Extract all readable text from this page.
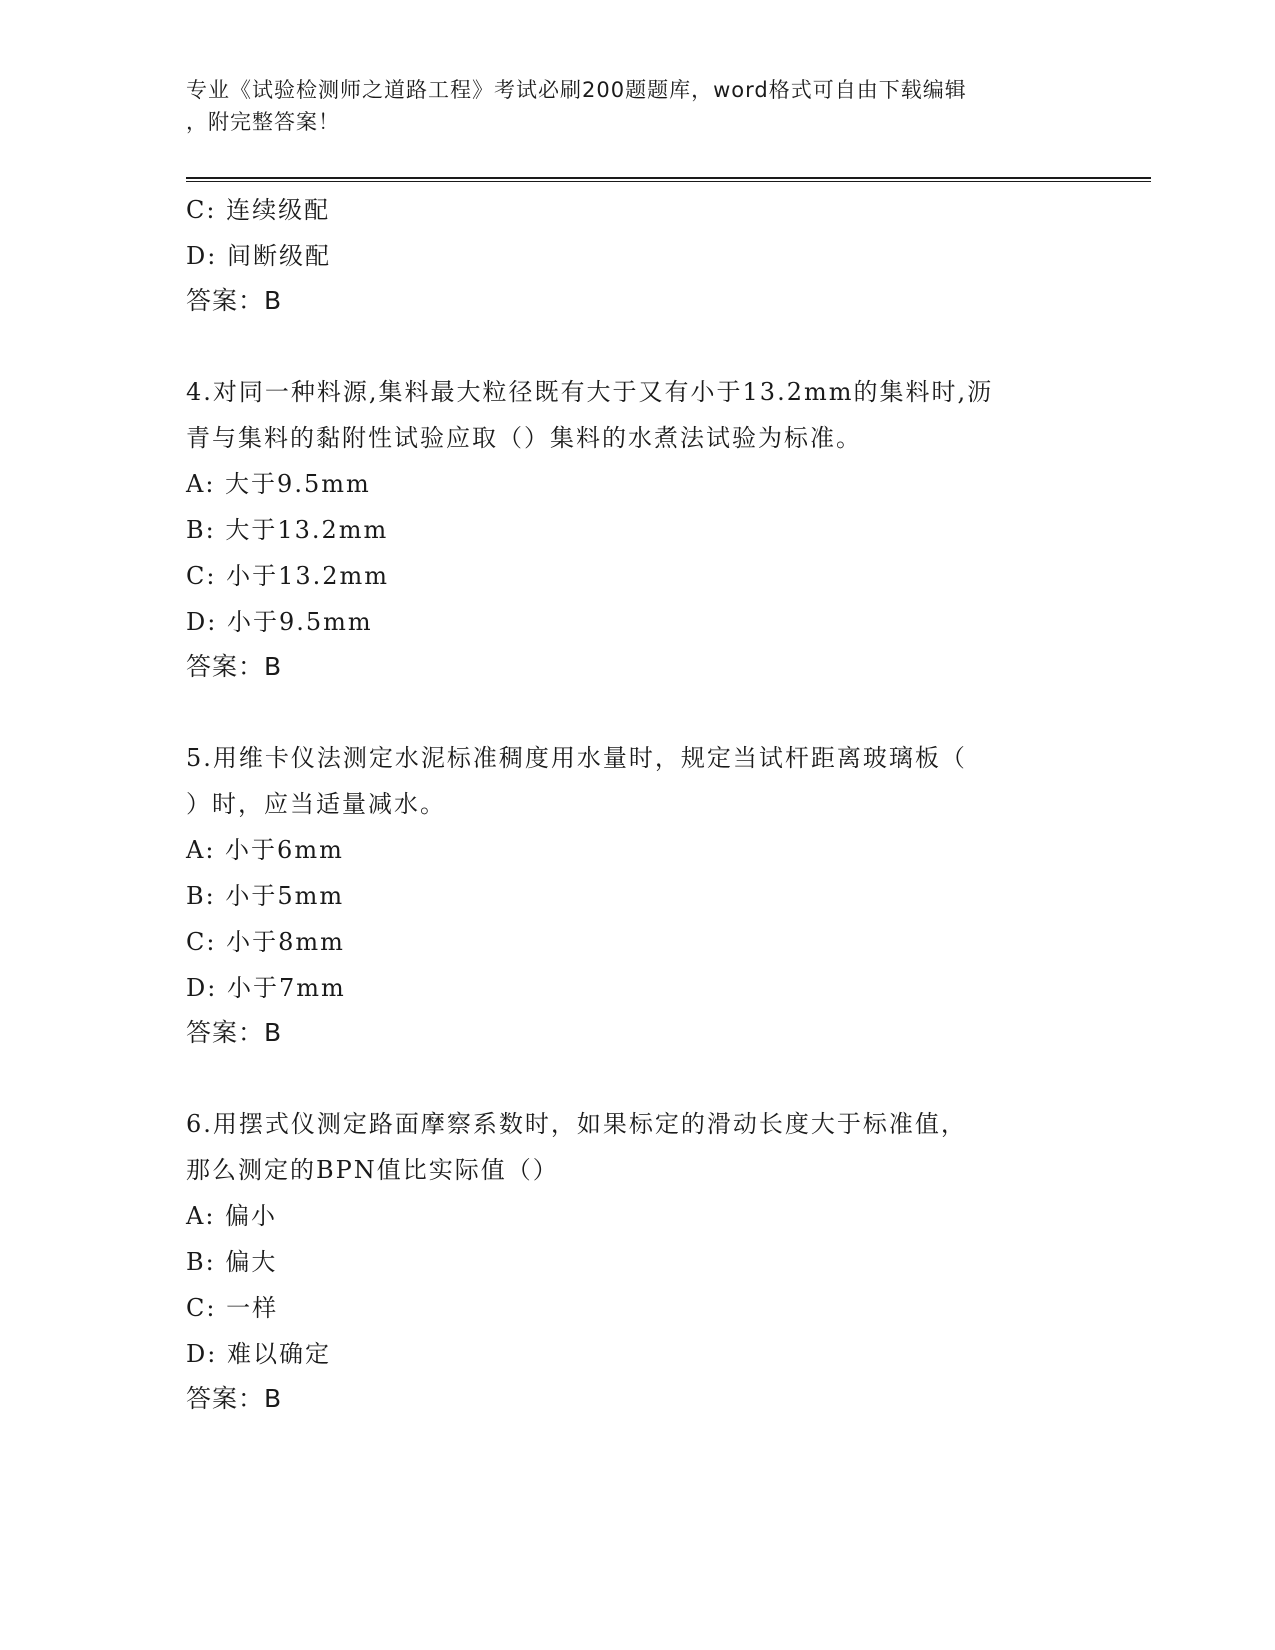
专业《试验检测师之道路工程》考试必刷200题题库，word格式可自由下载编辑
，附完整答案！
C: 连续级配
D: 间断级配
答案：B
4.对同一种料源,集料最大粒径既有大于又有小于13.2mm的集料时,沥
青与集料的黏附性试验应取（）集料的水煮法试验为标准。
A: 大于9.5mm
B: 大于13.2mm
C: 小于13.2mm
D: 小于9.5mm
答案：B
5.用维卡仪法测定水泥标准稠度用水量时，规定当试杆距离玻璃板（
）时，应当适量减水。
A: 小于6mm
B: 小于5mm
C: 小于8mm
D: 小于7mm
答案：B
6.用摆式仪测定路面摩察系数时，如果标定的滑动长度大于标准值，
那么测定的BPN值比实际值（）
A: 偏小
B: 偏大
C: 一样
D: 难以确定
答案：B
